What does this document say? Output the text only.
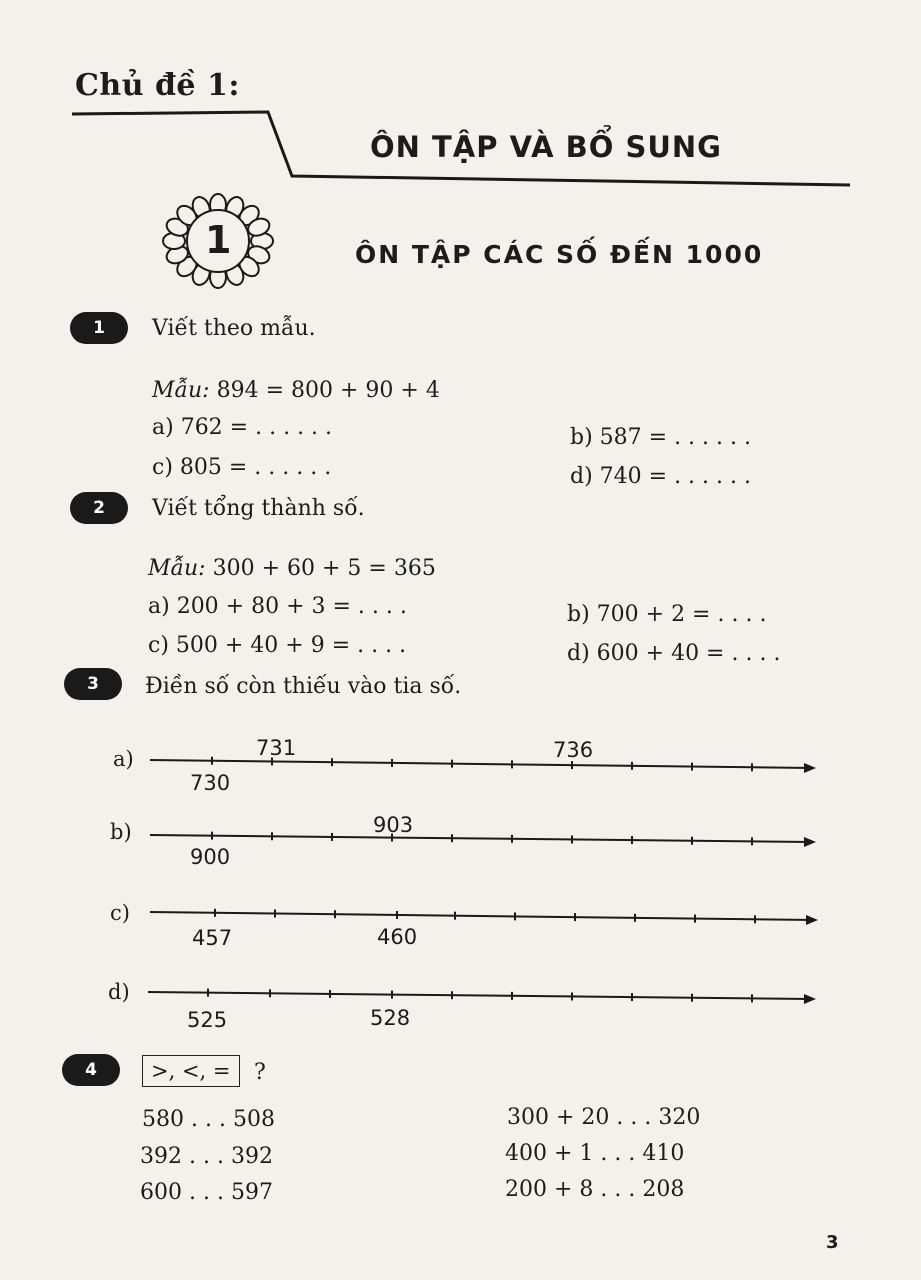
Chủ đề 1:
ÔN TẬP VÀ BỔ SUNG
1	ÔN TẬP CÁC SỐ ĐẾN 1000
1	Viết theo mẫu.
Mẫu: 894 = 800 + 90 + 4
a) 762 = . . . . . .	b) 587 = . . . . . .
c) 805 = . . . . . .	d) 740 = . . . . . .
2	Viết tổng thành số.
Mẫu: 300 + 60 + 5 = 365
a) 200 + 80 + 3 = . . . .	b) 700 + 2 = . . . .
c) 500 + 40 + 9 = . . . .	d) 600 + 40 = . . . .
3	Điền số còn thiếu vào tia số.
a)	731	736
730
b)	903
900
c)
457	460
d)
525	528
4	>, <, =	?
580 . . . 508
392 . . . 392
600 . . . 597
300 + 20 . . . 320
400 + 1 . . . 410
200 + 8 . . . 208
3
